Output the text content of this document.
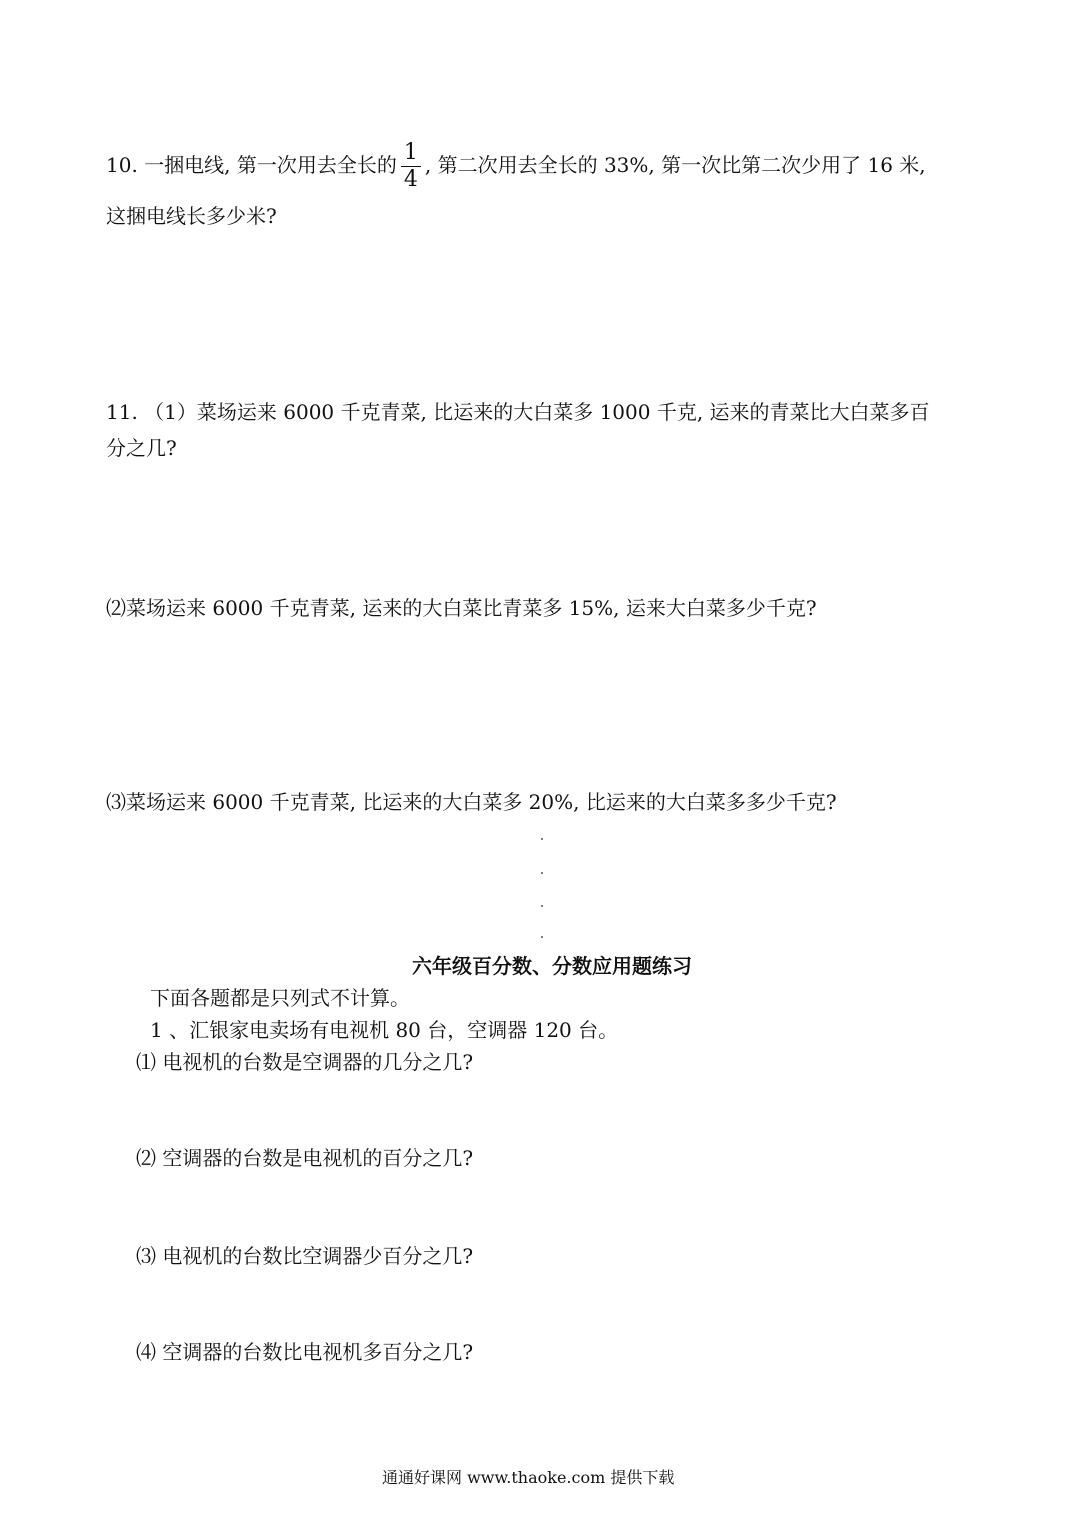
10. 一捆电线, 第一次用去全长的 $\frac{1}{4}$ , 第二次用去全长的 33%, 第一次比第二次少用了 16 米,
这捆电线长多少米?
11. （1）菜场运来 6000 千克青菜, 比运来的大白菜多 1000 千克, 运来的青菜比大白菜多百
分之几?
⑵菜场运来 6000 千克青菜, 运来的大白菜比青菜多 15%, 运来大白菜多少千克?
⑶菜场运来 6000 千克青菜, 比运来的大白菜多 20%, 比运来的大白菜多多少千克?
六年级百分数、分数应用题练习
下面各题都是只列式不计算。
1 、汇银家电卖场有电视机 80 台，空调器 120 台。
⑴ 电视机的台数是空调器的几分之几?
⑵ 空调器的台数是电视机的百分之几?
⑶ 电视机的台数比空调器少百分之几?
⑷ 空调器的台数比电视机多百分之几?
通通好课网 www.thaoke.com 提供下载
